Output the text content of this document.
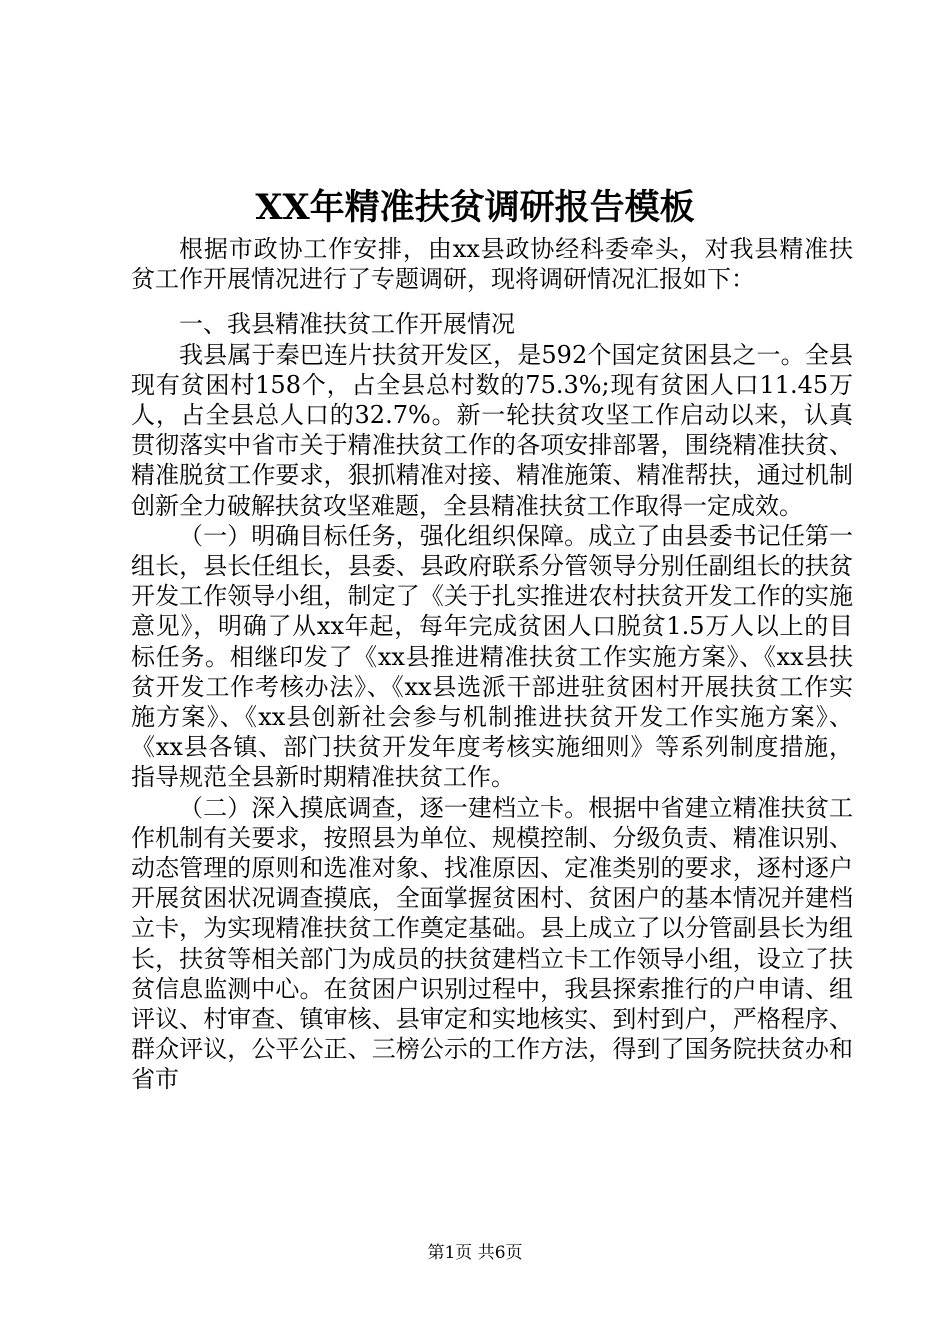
XX年精准扶贫调研报告模板

根据市政协工作安排，由xx县政协经科委牵头，对我县精准扶贫工作开展情况进行了专题调研，现将调研情况汇报如下：

一、我县精准扶贫工作开展情况

我县属于秦巴连片扶贫开发区，是592个国定贫困县之一。全县现有贫困村158个，占全县总村数的75.3%;现有贫困人口11.45万人，占全县总人口的32.7%。新一轮扶贫攻坚工作启动以来，认真贯彻落实中省市关于精准扶贫工作的各项安排部署，围绕精准扶贫、精准脱贫工作要求，狠抓精准对接、精准施策、精准帮扶，通过机制创新全力破解扶贫攻坚难题，全县精准扶贫工作取得一定成效。

（一）明确目标任务，强化组织保障。成立了由县委书记任第一组长，县长任组长，县委、县政府联系分管领导分别任副组长的扶贫开发工作领导小组，制定了《关于扎实推进农村扶贫开发工作的实施意见》，明确了从xx年起，每年完成贫困人口脱贫1.5万人以上的目标任务。相继印发了《xx县推进精准扶贫工作实施方案》、《xx县扶贫开发工作考核办法》、《xx县选派干部进驻贫困村开展扶贫工作实施方案》、《xx县创新社会参与机制推进扶贫开发工作实施方案》、《xx县各镇、部门扶贫开发年度考核实施细则》等系列制度措施，指导规范全县新时期精准扶贫工作。

（二）深入摸底调查，逐一建档立卡。根据中省建立精准扶贫工作机制有关要求，按照县为单位、规模控制、分级负责、精准识别、动态管理的原则和选准对象、找准原因、定准类别的要求，逐村逐户开展贫困状况调查摸底，全面掌握贫困村、贫困户的基本情况并建档立卡，为实现精准扶贫工作奠定基础。县上成立了以分管副县长为组长，扶贫等相关部门为成员的扶贫建档立卡工作领导小组，设立了扶贫信息监测中心。在贫困户识别过程中，我县探索推行的户申请、组评议、村审查、镇审核、县审定和实地核实、到村到户，严格程序、群众评议，公平公正、三榜公示的工作方法，得到了国务院扶贫办和省市

第1页 共6页
